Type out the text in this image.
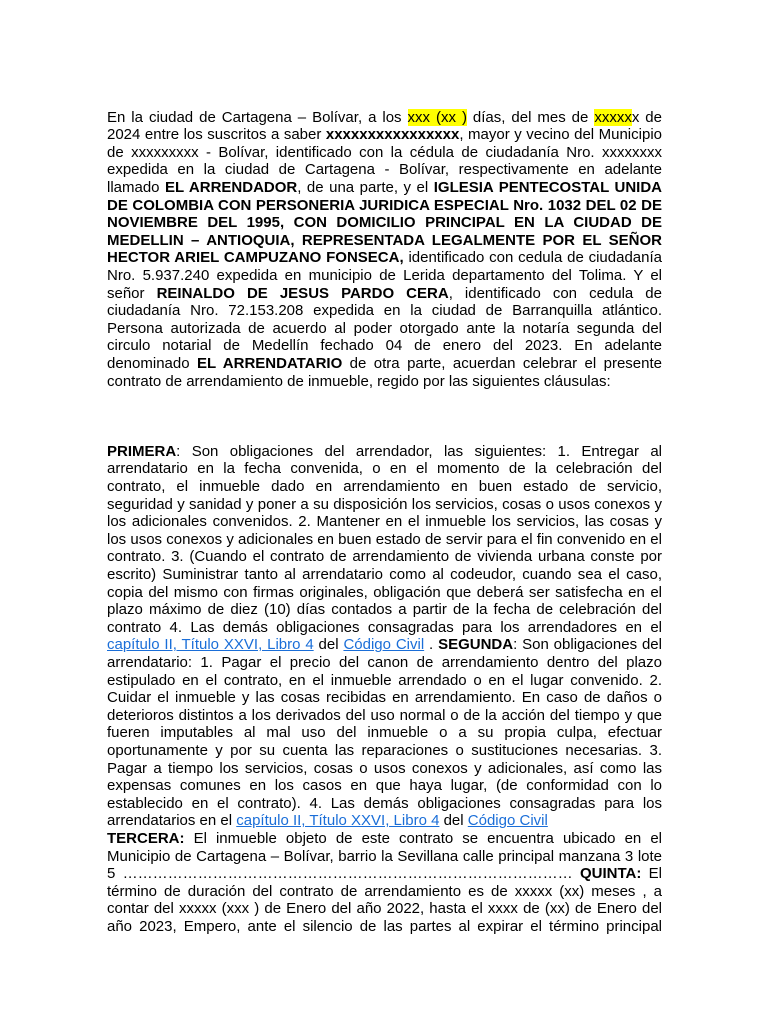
En la ciudad de Cartagena – Bolívar, a los xxx (xx ) días, del mes de xxxxxx de 2024 entre los suscritos a saber xxxxxxxxxxxxxxxx, mayor y vecino del Municipio de xxxxxxxxx - Bolívar, identificado con la cédula de ciudadanía Nro. xxxxxxxx expedida en la ciudad de Cartagena - Bolívar, respectivamente en adelante llamado EL ARRENDADOR, de una parte, y el IGLESIA PENTECOSTAL UNIDA DE COLOMBIA CON PERSONERIA JURIDICA ESPECIAL Nro. 1032 DEL 02 DE NOVIEMBRE DEL 1995, CON DOMICILIO PRINCIPAL EN LA CIUDAD DE MEDELLIN – ANTIOQUIA, REPRESENTADA LEGALMENTE POR EL SEÑOR HECTOR ARIEL CAMPUZANO FONSECA, identificado con cedula de ciudadanía Nro. 5.937.240 expedida en municipio de Lerida departamento del Tolima. Y el señor REINALDO DE JESUS PARDO CERA, identificado con cedula de ciudadanía Nro. 72.153.208 expedida en la ciudad de Barranquilla atlántico. Persona autorizada de acuerdo al poder otorgado ante la notaría segunda del circulo notarial de Medellín fechado 04 de enero del 2023. En adelante denominado EL ARRENDATARIO de otra parte, acuerdan celebrar el presente contrato de arrendamiento de inmueble, regido por las siguientes cláusulas:

PRIMERA: Son obligaciones del arrendador, las siguientes: 1. Entregar al arrendatario en la fecha convenida, o en el momento de la celebración del contrato, el inmueble dado en arrendamiento en buen estado de servicio, seguridad y sanidad y poner a su disposición los servicios, cosas o usos conexos y los adicionales convenidos. 2. Mantener en el inmueble los servicios, las cosas y los usos conexos y adicionales en buen estado de servir para el fin convenido en el contrato. 3. (Cuando el contrato de arrendamiento de vivienda urbana conste por escrito) Suministrar tanto al arrendatario como al codeudor, cuando sea el caso, copia del mismo con firmas originales, obligación que deberá ser satisfecha en el plazo máximo de diez (10) días contados a partir de la fecha de celebración del contrato 4. Las demás obligaciones consagradas para los arrendadores en el capítulo II, Título XXVI, Libro 4 del Código Civil . SEGUNDA: Son obligaciones del arrendatario: 1. Pagar el precio del canon de arrendamiento dentro del plazo estipulado en el contrato, en el inmueble arrendado o en el lugar convenido. 2. Cuidar el inmueble y las cosas recibidas en arrendamiento. En caso de daños o deterioros distintos a los derivados del uso normal o de la acción del tiempo y que fueren imputables al mal uso del inmueble o a su propia culpa, efectuar oportunamente y por su cuenta las reparaciones o sustituciones necesarias. 3. Pagar a tiempo los servicios, cosas o usos conexos y adicionales, así como las expensas comunes en los casos en que haya lugar, (de conformidad con lo establecido en el contrato). 4. Las demás obligaciones consagradas para los arrendatarios en el capítulo II, Título XXVI, Libro 4 del Código Civil
TERCERA: El inmueble objeto de este contrato se encuentra ubicado en el Municipio de Cartagena – Bolívar, barrio la Sevillana calle principal manzana 3 lote 5 ……………………………………………………………………………… QUINTA: El término de duración del contrato de arrendamiento es de xxxxx (xx) meses , a contar del xxxxx (xxx ) de Enero del año 2022, hasta el xxxx de (xx) de Enero del año 2023, Empero, ante el silencio de las partes al expirar el término principal
